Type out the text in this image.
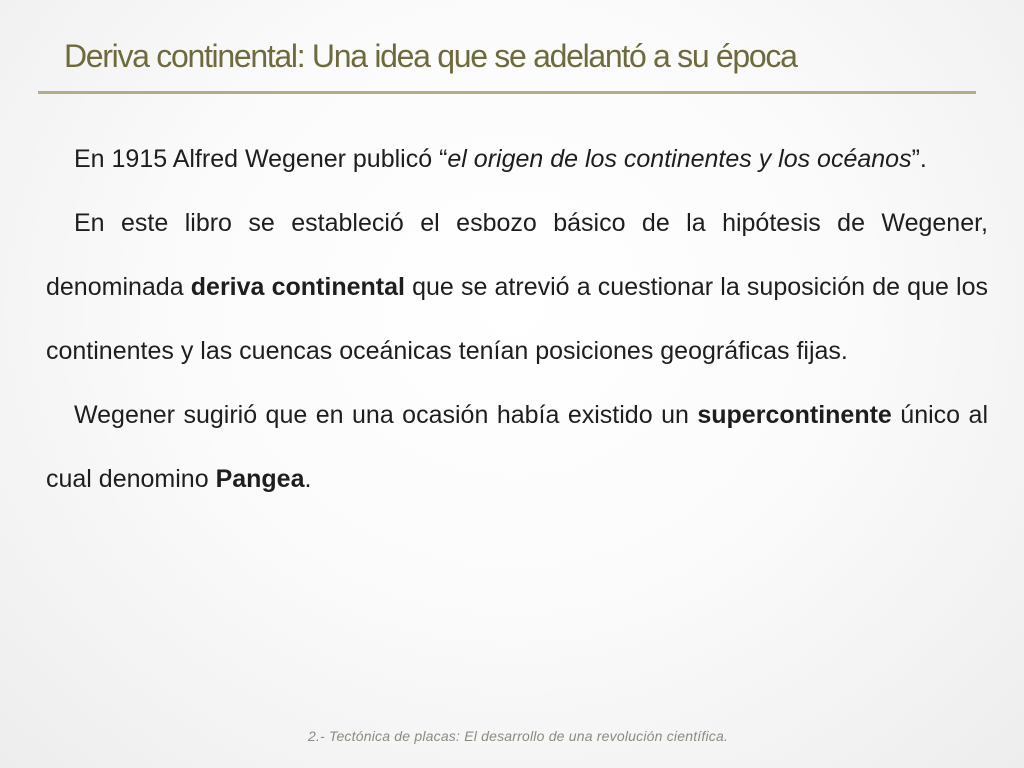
Deriva continental: Una idea que se adelantó a su época

En 1915 Alfred Wegener publicó “el origen de los continentes y los océanos”.

En este libro se estableció el esbozo básico de la hipótesis de Wegener, denominada deriva continental que se atrevió a cuestionar la suposición de que los continentes y las cuencas oceánicas tenían posiciones geográficas fijas.

Wegener sugirió que en una ocasión había existido un supercontinente único al cual denomino Pangea.

2.- Tectónica de placas: El desarrollo de una revolución científica.
